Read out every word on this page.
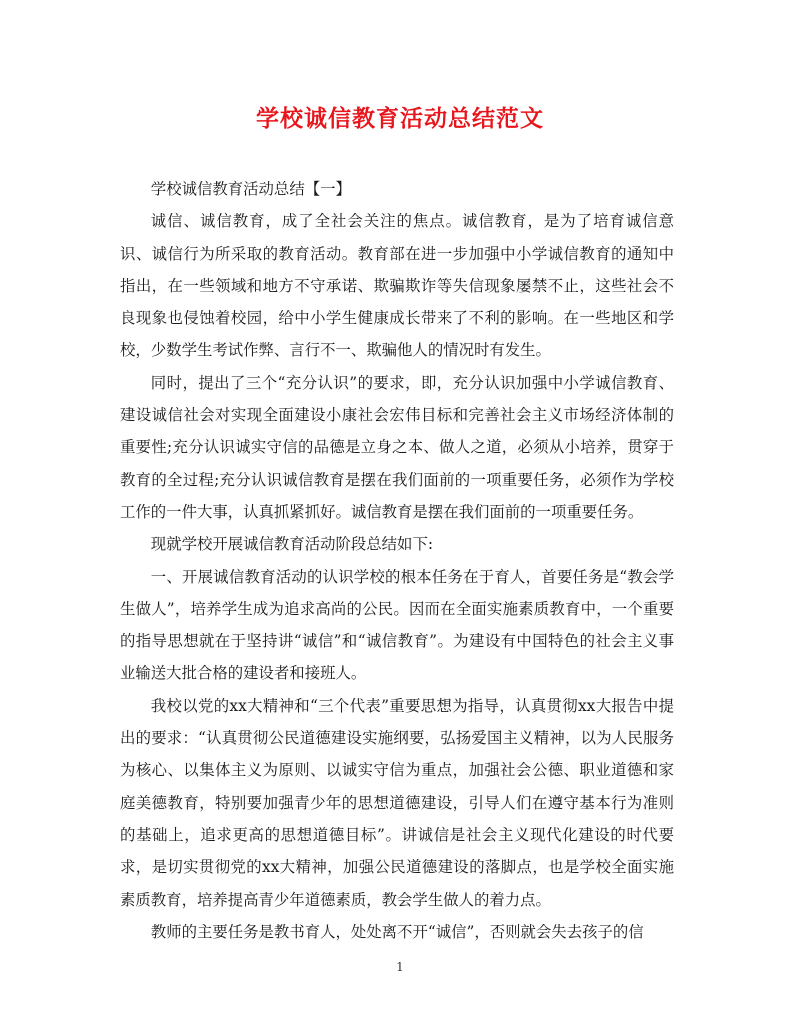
学校诚信教育活动总结范文

学校诚信教育活动总结【一】

诚信、诚信教育，成了全社会关注的焦点。诚信教育，是为了培育诚信意识、诚信行为所采取的教育活动。教育部在进一步加强中小学诚信教育的通知中指出，在一些领域和地方不守承诺、欺骗欺诈等失信现象屡禁不止，这些社会不良现象也侵蚀着校园，给中小学生健康成长带来了不利的影响。在一些地区和学校，少数学生考试作弊、言行不一、欺骗他人的情况时有发生。

同时，提出了三个“充分认识”的要求，即，充分认识加强中小学诚信教育、建设诚信社会对实现全面建设小康社会宏伟目标和完善社会主义市场经济体制的重要性;充分认识诚实守信的品德是立身之本、做人之道，必须从小培养，贯穿于教育的全过程;充分认识诚信教育是摆在我们面前的一项重要任务，必须作为学校工作的一件大事，认真抓紧抓好。诚信教育是摆在我们面前的一项重要任务。

现就学校开展诚信教育活动阶段总结如下:

一、开展诚信教育活动的认识学校的根本任务在于育人，首要任务是“教会学生做人”，培养学生成为追求高尚的公民。因而在全面实施素质教育中，一个重要的指导思想就在于坚持讲“诚信”和“诚信教育”。为建设有中国特色的社会主义事业输送大批合格的建设者和接班人。

我校以党的xx大精神和“三个代表”重要思想为指导，认真贯彻xx大报告中提出的要求：“认真贯彻公民道德建设实施纲要，弘扬爱国主义精神，以为人民服务为核心、以集体主义为原则、以诚实守信为重点，加强社会公德、职业道德和家庭美德教育，特别要加强青少年的思想道德建设，引导人们在遵守基本行为准则的基础上，追求更高的思想道德目标”。讲诚信是社会主义现代化建设的时代要求，是切实贯彻党的xx大精神，加强公民道德建设的落脚点，也是学校全面实施素质教育，培养提高青少年道德素质，教会学生做人的着力点。

教师的主要任务是教书育人，处处离不开“诚信”，否则就会失去孩子的信

1
